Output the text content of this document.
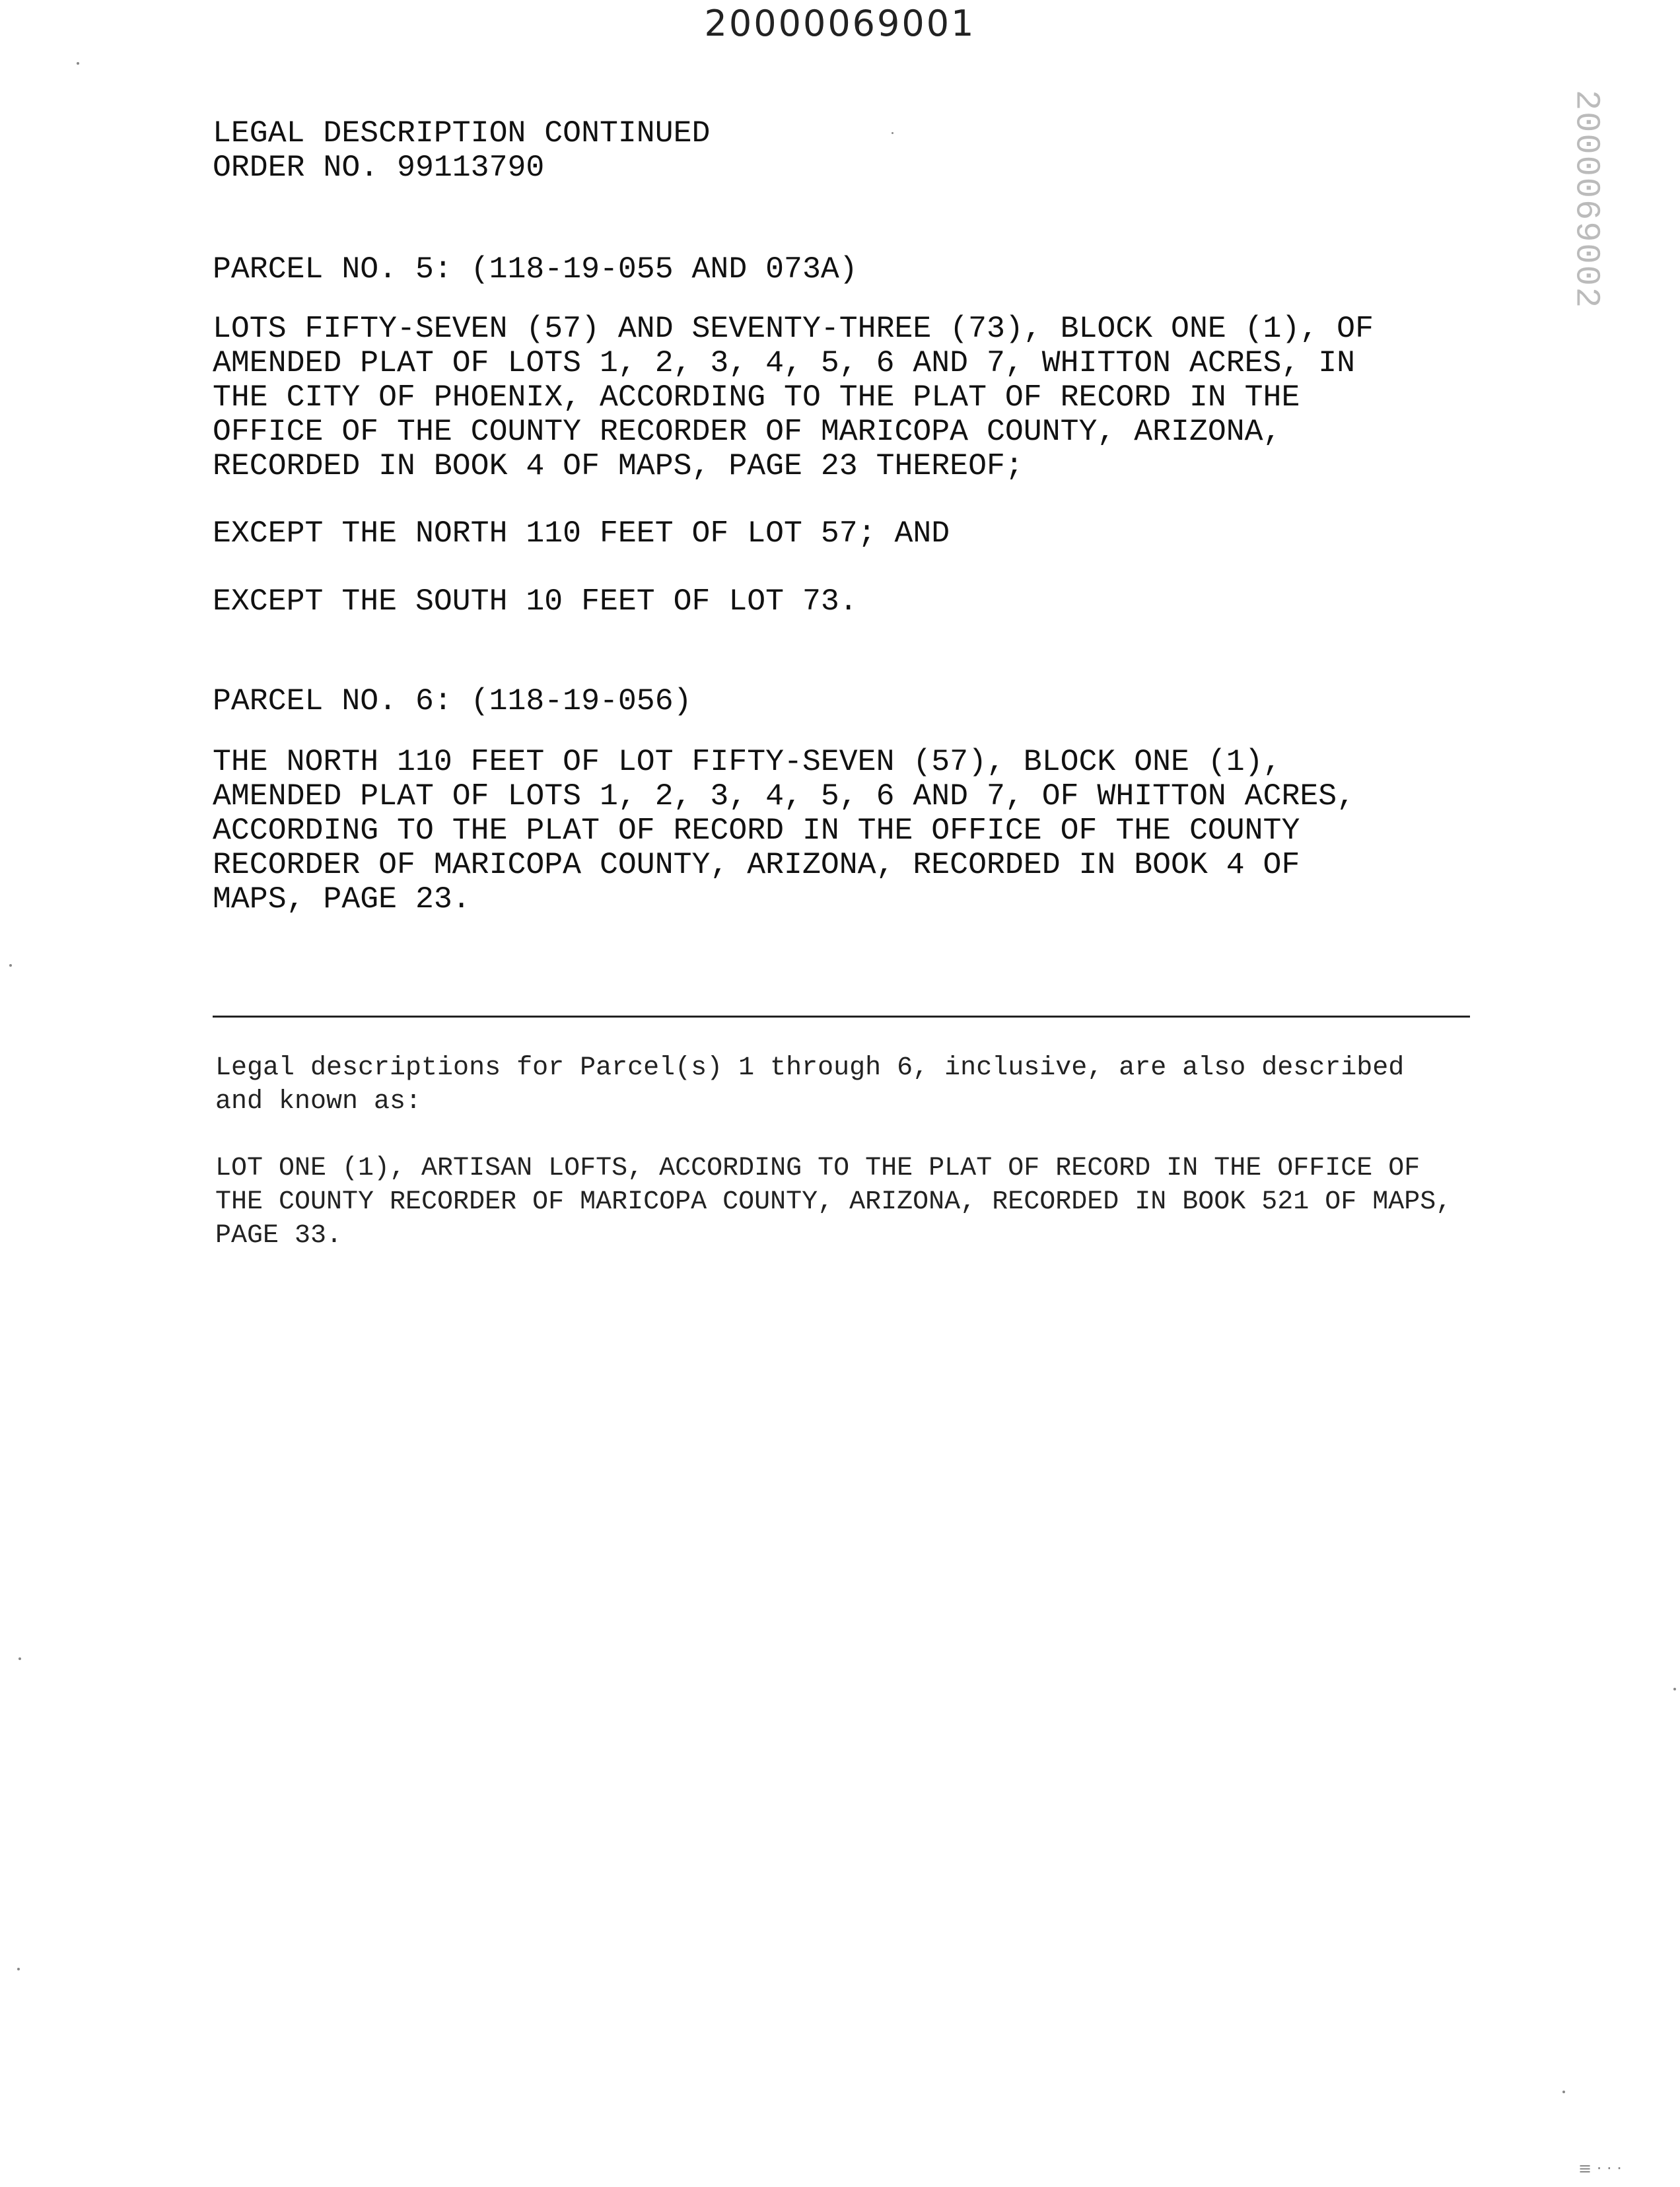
20000069001
2000069002
LEGAL DESCRIPTION CONTINUED
ORDER NO. 99113790
PARCEL NO. 5: (118-19-055 AND 073A)
LOTS FIFTY-SEVEN (57) AND SEVENTY-THREE (73), BLOCK ONE (1), OF
AMENDED PLAT OF LOTS 1, 2, 3, 4, 5, 6 AND 7, WHITTON ACRES, IN
THE CITY OF PHOENIX, ACCORDING TO THE PLAT OF RECORD IN THE
OFFICE OF THE COUNTY RECORDER OF MARICOPA COUNTY, ARIZONA,
RECORDED IN BOOK 4 OF MAPS, PAGE 23 THEREOF;
EXCEPT THE NORTH 110 FEET OF LOT 57; AND
EXCEPT THE SOUTH 10 FEET OF LOT 73.
PARCEL NO. 6: (118-19-056)
THE NORTH 110 FEET OF LOT FIFTY-SEVEN (57), BLOCK ONE (1),
AMENDED PLAT OF LOTS 1, 2, 3, 4, 5, 6 AND 7, OF WHITTON ACRES,
ACCORDING TO THE PLAT OF RECORD IN THE OFFICE OF THE COUNTY
RECORDER OF MARICOPA COUNTY, ARIZONA, RECORDED IN BOOK 4 OF
MAPS, PAGE 23.
Legal descriptions for Parcel(s) 1 through 6, inclusive, are also described
and known as:
LOT ONE (1), ARTISAN LOFTS, ACCORDING TO THE PLAT OF RECORD IN THE OFFICE OF
THE COUNTY RECORDER OF MARICOPA COUNTY, ARIZONA, RECORDED IN BOOK 521 OF MAPS,
PAGE 33.
≡ · · ·
